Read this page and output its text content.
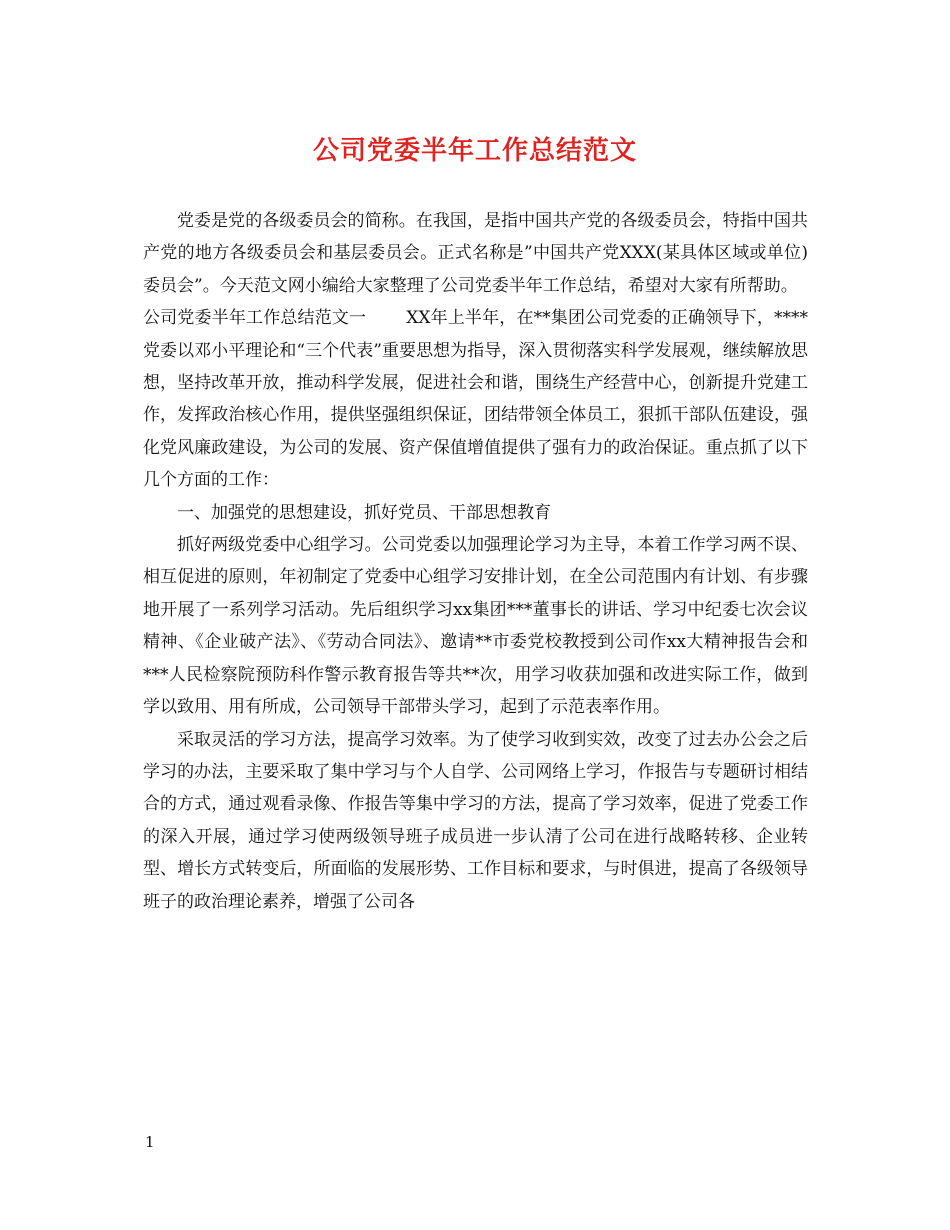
公司党委半年工作总结范文

党委是党的各级委员会的简称。在我国，是指中国共产党的各级委员会，特指中国共产党的地方各级委员会和基层委员会。正式名称是”中国共产党XXX(某具体区域或单位)委员会”。今天范文网小编给大家整理了公司党委半年工作总结，希望对大家有所帮助。

公司党委半年工作总结范文一 XX年上半年，在**集团公司党委的正确领导下，****党委以邓小平理论和“三个代表”重要思想为指导，深入贯彻落实科学发展观，继续解放思想，坚持改革开放，推动科学发展，促进社会和谐，围绕生产经营中心，创新提升党建工作，发挥政治核心作用，提供坚强组织保证，团结带领全体员工，狠抓干部队伍建设，强化党风廉政建设，为公司的发展、资产保值增值提供了强有力的政治保证。重点抓了以下几个方面的工作：

一、加强党的思想建设，抓好党员、干部思想教育

抓好两级党委中心组学习。公司党委以加强理论学习为主导，本着工作学习两不误、相互促进的原则，年初制定了党委中心组学习安排计划，在全公司范围内有计划、有步骤地开展了一系列学习活动。先后组织学习xx集团***董事长的讲话、学习中纪委七次会议精神、《企业破产法》、《劳动合同法》、邀请**市委党校教授到公司作xx大精神报告会和***人民检察院预防科作警示教育报告等共**次，用学习收获加强和改进实际工作，做到学以致用、用有所成，公司领导干部带头学习，起到了示范表率作用。

采取灵活的学习方法，提高学习效率。为了使学习收到实效，改变了过去办公会之后学习的办法，主要采取了集中学习与个人自学、公司网络上学习，作报告与专题研讨相结合的方式，通过观看录像、作报告等集中学习的方法，提高了学习效率，促进了党委工作的深入开展，通过学习使两级领导班子成员进一步认清了公司在进行战略转移、企业转型、增长方式转变后，所面临的发展形势、工作目标和要求，与时俱进，提高了各级领导班子的政治理论素养，增强了公司各

1
